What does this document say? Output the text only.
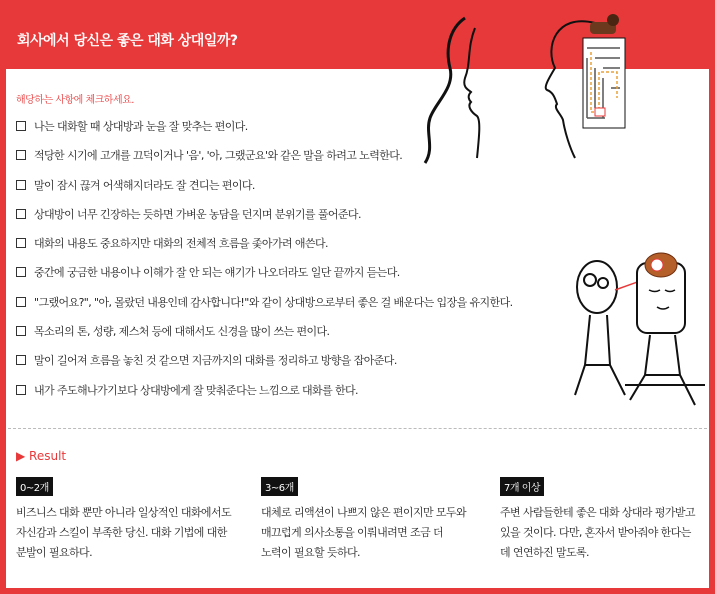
회사에서 당신은 좋은 대화 상대일까?
해당하는 사항에 체크하세요.
나는 대화할 때 상대방과 눈을 잘 맞추는 편이다.
적당한 시기에 고개를 끄덕이거나 '음', '아, 그랬군요'와 같은 말을 하려고 노력한다.
말이 잠시 끊겨 어색해지더라도 잘 견디는 편이다.
상대방이 너무 긴장하는 듯하면 가벼운 농담을 던지며 분위기를 풀어준다.
대화의 내용도 중요하지만 대화의 전체적 흐름을 좇아가려 애쓴다.
중간에 궁금한 내용이나 이해가 잘 안 되는 얘기가 나오더라도 일단 끝까지 듣는다.
"그랬어요?", "아, 몰랐던 내용인데 감사합니다!"와 같이 상대방으로부터 좋은 걸 배운다는 입장을 유지한다.
목소리의 톤, 성량, 제스처 등에 대해서도 신경을 많이 쓰는 편이다.
말이 길어져 흐름을 놓친 것 같으면 지금까지의 대화를 정리하고 방향을 잡아준다.
내가 주도해나가기보다 상대방에게 잘 맞춰준다는 느낌으로 대화를 한다.
▶ Result
0~2개	3~6개	7개 이상
비즈니스 대화 뿐만 아니라 일상적인 대화에서도
자신감과 스킬이 부족한 당신. 대화 기법에 대한
분발이 필요하다.
대체로 리액션이 나쁘지 않은 편이지만 모두와
매끄럽게 의사소통을 이뤄내려면 조금 더
노력이 필요할 듯하다.
주변 사람들한테 좋은 대화 상대라 평가받고
있을 것이다. 다만, 혼자서 받아줘야 한다는
데 연연하진 말도록.
